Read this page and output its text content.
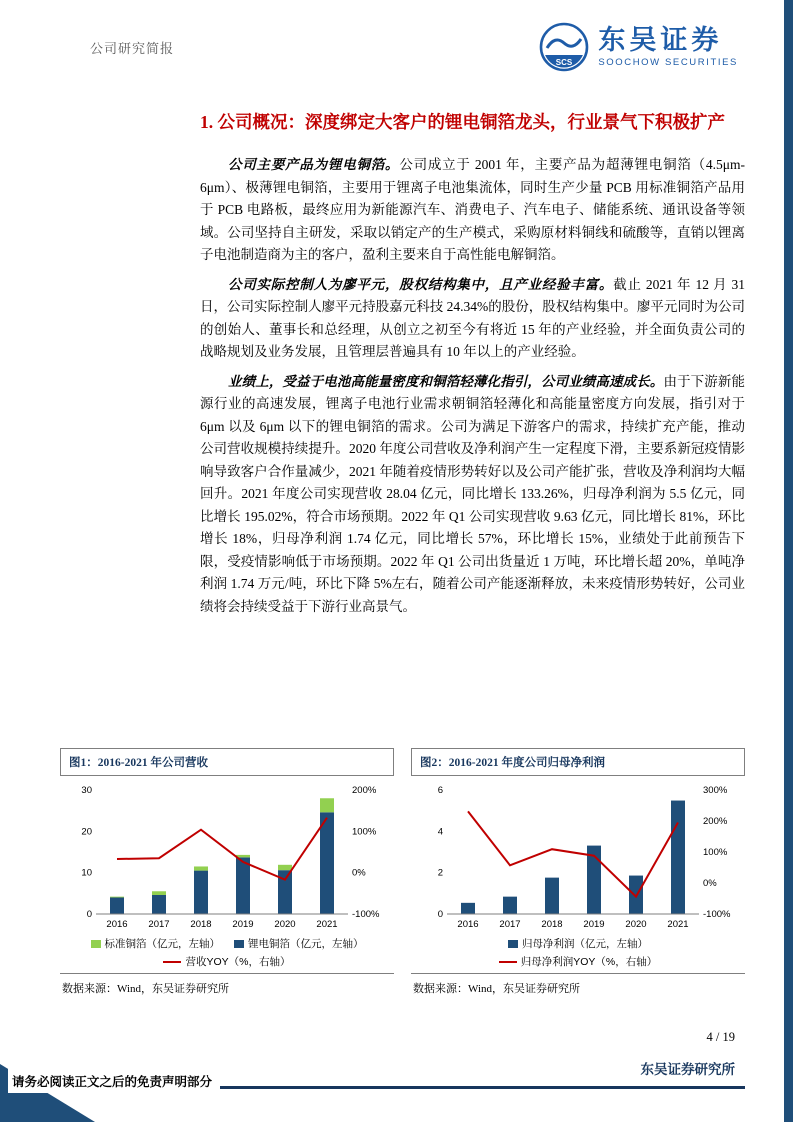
公司研究简报
SCS
东吴证券
SOOCHOW SECURITIES
1. 公司概况：深度绑定大客户的锂电铜箔龙头，行业景气下积极扩产

公司主要产品为锂电铜箔。公司成立于 2001 年，主要产品为超薄锂电铜箔（4.5μm-6μm）、极薄锂电铜箔，主要用于锂离子电池集流体，同时生产少量 PCB 用标准铜箔产品用于 PCB 电路板，最终应用为新能源汽车、消费电子、汽车电子、储能系统、通讯设备等领域。公司坚持自主研发，采取以销定产的生产模式，采购原材料铜线和硫酸等，直销以锂离子电池制造商为主的客户，盈利主要来自于高性能电解铜箔。

公司实际控制人为廖平元，股权结构集中，且产业经验丰富。截止 2021 年 12 月 31 日，公司实际控制人廖平元持股嘉元科技 24.34%的股份，股权结构集中。廖平元同时为公司的创始人、董事长和总经理，从创立之初至今有将近 15 年的产业经验，并全面负责公司的战略规划及业务发展，且管理层普遍具有 10 年以上的产业经验。

业绩上，受益于电池高能量密度和铜箔轻薄化指引，公司业绩高速成长。由于下游新能源行业的高速发展，锂离子电池行业需求朝铜箔轻薄化和高能量密度方向发展，指引对于 6μm 以及 6μm 以下的锂电铜箔的需求。公司为满足下游客户的需求，持续扩充产能，推动公司营收规模持续提升。2020 年度公司营收及净利润产生一定程度下滑，主要系新冠疫情影响导致客户合作量减少，2021 年随着疫情形势转好以及公司产能扩张，营收及净利润均大幅回升。2021 年度公司实现营收 28.04 亿元，同比增长 133.26%，归母净利润为 5.5 亿元，同比增长 195.02%，符合市场预期。2022 年 Q1 公司实现营收 9.63 亿元，同比增长 81%，环比增长 18%，归母净利润 1.74 亿元，同比增长 57%，环比增长 15%，业绩处于此前预告下限，受疫情影响低于市场预期。2022 年 Q1 公司出货量近 1 万吨，环比增长超 20%，单吨净利润 1.74 万元/吨，环比下降 5%左右，随着公司产能逐渐释放，未来疫情形势转好，公司业绩将会持续受益于下游行业高景气。

图1：2016-2021 年公司营收
0
10
20
30
-100%
0%
100%
200%
2016 2017 2018 2019 2020 2021
标准铜箔（亿元，左轴）	锂电铜箔（亿元，左轴）
营收YOY（%，右轴）
数据来源：Wind，东吴证券研究所
图2：2016-2021 年度公司归母净利润
0
2
4
6
-100%
0%
100%
200%
300%
2016 2017 2018 2019 2020 2021
归母净利润（亿元，左轴）
归母净利润YOY（%，右轴）
数据来源：Wind，东吴证券研究所
4 / 19
东吴证券研究所
请务必阅读正文之后的免责声明部分
